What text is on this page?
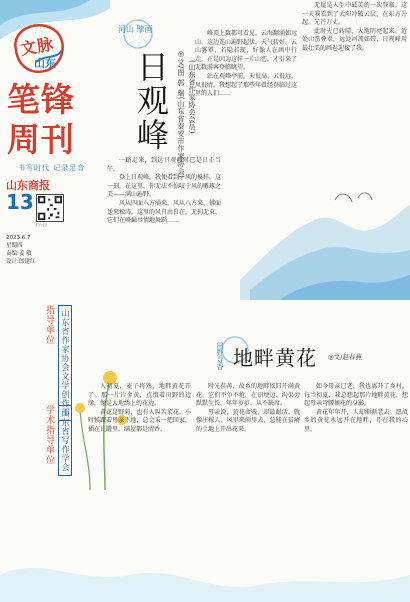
文脉
山东
笔锋周刊
书写时代 记录足音
山东商报
13
扫一扫
2023.6.7
星期四
责编:姜 敏
设计:郎建红
指导单位 山东省作家协会文学创作部
学术指导单位 山东省写作学会
河山 擘画
日观峰	◎文/图 郭 瑞(山东省泰安市作家协会) (山东省作家协会会员)

一路走来，到达日观峰时已是日正当午。

登上日观峰，我便看到了风的模样。这一刻，在这里，你无法不惊叹于风的雕琢之美——满山遍野。

风从四面八方涌来，风从八方来，拂面送来松涛。这里的风自由自在，无拘无束，它们在峰巅尽情地舞蹈……

峰顶上数都可看见，云海翻涌如远山。这边连山遍野起伏，天气转好，云山雾罩，若隐若现，好像人在画中行走。正是因为这样一片山峦，才引来了无数游客登临眺望。

站在观峰亭前，天很高，云很远，风很清。我想起了那些年曾经登临过这里的人们……

无疑是人生中最美的一次登临。这一天我看到了太阳冲破云层，在东方升起，光芒万丈。

此时天已转晴，大地明亮起来。近处山峦叠翠，远处河流如带，日观峰用最壮美的画卷迎接了我。

田野寻香 地畔黄花 ◎文/赵春燕

入初夏，麦子将熟，地畔黄花开了。那一片片金黄，点缀着田野的边缘，像是大地绣上的花边。

黄花是野菊，也有人叫苦菜花。小时候跟着母亲下地，总会采一把回家，插在瓦罐里，满屋都是清香。

时光荏苒，故乡的地畔依旧开满黄花。它们不争不抢，在田埂边、沟渠旁默默生长，年年岁岁，从不缺席。

母亲说，黄花命贱，却最耐活。就像庄稼人，风里来雨里去，总能在贫瘠的土地上开出花来。

如今母亲已老，我也离开了乡村。每当初夏，我总想起那片地畔黄花，想起母亲弯腰摘花的身影。

黄花年年开，人却渐渐老去。愿故乡的黄花永远开在地畔，开在我的心里。
